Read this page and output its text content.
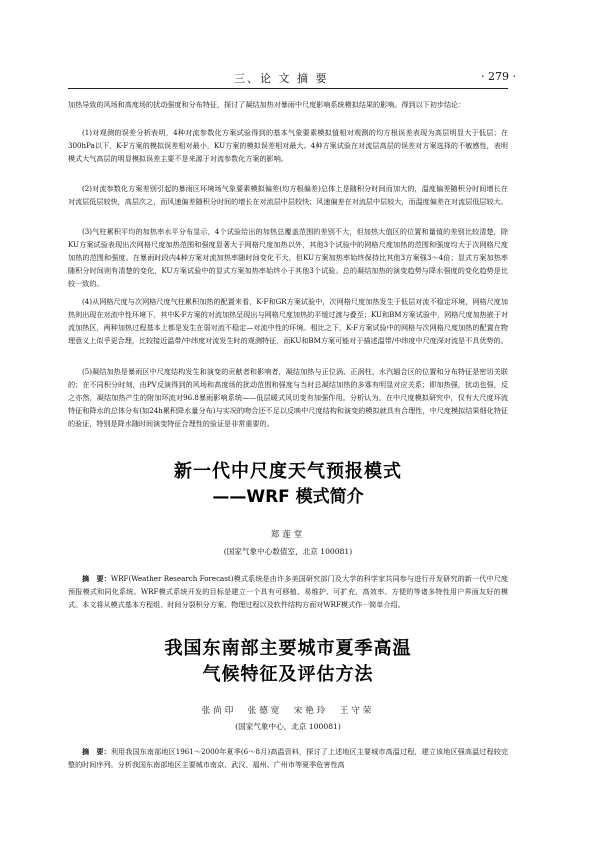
三、论 文 摘 要	· 279 ·

加热导致的风场和高度场的扰动强度和分布特征，探讨了凝结加热对暴雨中尺度影响系统模拟结果的影响。得到以下初步结论：

(1)对观测的误差分析表明，4种对流参数化方案试验得到的基本气象要素模拟值相对观测的均方根误差表现为高层明显大于低层；在300hPa以下，K-F方案的模拟误差相对最小，KU方案的模拟误差相对最大。4种方案试验在对流层高层的误差对方案选择的不敏感性，表明模式大气高层的明显模拟误差主要不是来源于对流参数化方案的影响。

(2)对流参数化方案差别引起的暴雨区环境场气象要素模拟偏差(均方根偏差)总体上是随积分时间而加大的，温度偏差随积分时间增长在对流层低层较快，高层次之，而风速偏差随积分时间的增长在对流层中层较快；风速偏差在对流层中层较大，而温度偏差在对流层低层较大。

(3)气柱累积平均的加热率水平分布显示，4个试验给出的加热总覆盖范围的差别不大，但加热大值区的位置和量值的差别比较清楚，除KU方案试验表现出次网格尺度加热范围和强度显著大于网格尺度加热以外，其他3个试验中的网格尺度加热的范围和强度均大于次网格尺度加热的范围和强度。在暴雨时段内4种方案对流加热率随时间变化不大，但KU方案加热率始终保持比其他3方案强3～4倍；显式方案加热率随积分时间则有清楚的变化，KU方案试验中的显式方案加热率始终小于其他3个试验。总的凝结加热的演变趋势与降水强度的变化趋势是比较一致的。

(4)从网格尺度与次网格尺度气柱累积加热的配置来看，K-F和GR方案试验中，次网格尺度加热发生于低层对流不稳定环境，网格尺度加热则出现在对流中性环境下，其中K-F方案的对流加热呈现出与网格尺度加热的平缓过渡与叠至；KU和BM方案试验中，网格尺度加热嵌于对流加热区，两种加热过程基本上都是发生在弱对流不稳定—对流中性的环境。相比之下，K-F方案试验中的网格与次网格尺度加热的配置在物理意义上似乎更合理，比较接近温带/中纬度对流发生时的观测特征，而KU和BM方案可能对于描述温带/中纬度中尺度深对流是不具优势的。

(5)凝结加热是暴雨区中尺度结构发生和演变的贡献者和影响者，凝结加热与正位涡、正涡柱、水汽辐合区的位置和分布特征是密切关联的；在不同积分时刻，由PV反演得到的风场和高度场的扰动范围和强度与当时总凝结加热的多寡有明显对应关系；即加热强，扰动也强，反之亦然，凝结加热产生的附加环流对96.8暴雨影响系统——低层暖式风切变有加强作用。分析认为，在中尺度模拟研究中，仅有大尺度环流特征和降水的总体分布(如24h累积降水量分布)与实况的吻合还不足以反映中尺度结构和演变的模拟就具有合理性，中尺度模拟结果细化特征的验证，特别是降水随时间演变特征合理性的验证是非常重要的。

新一代中尺度天气预报模式
——WRF 模式简介
郑莲堂
(国家气象中心数值室，北京 100081)
摘　要：WRF(Weather Research Forecast)模式系统是由许多美国研究部门及大学的科学家共同参与进行开发研究的新一代中尺度预报模式和同化系统。WRF模式系统开发的目标是建立一个具有可移植、易维护、可扩充、高效率、方便的等诸多特性用户界面友好的模式。本文将从模式基本方程组、时间分裂积分方案、物理过程以及软件结构方面对WRF模式作一简单介绍。
我国东南部主要城市夏季高温
气候特征及评估方法
张尚印　张德宽　宋艳玲　王守荣
(国家气象中心，北京 100081)
摘　要：利用我国东南部地区1961～2000年夏季(6～8月)高温资料，探讨了上述地区主要城市高温过程，建立该地区强高温过程较完整的时间序列。分析我国东南部地区主要城市南京、武汉、福州、广州市等夏季危害性高
